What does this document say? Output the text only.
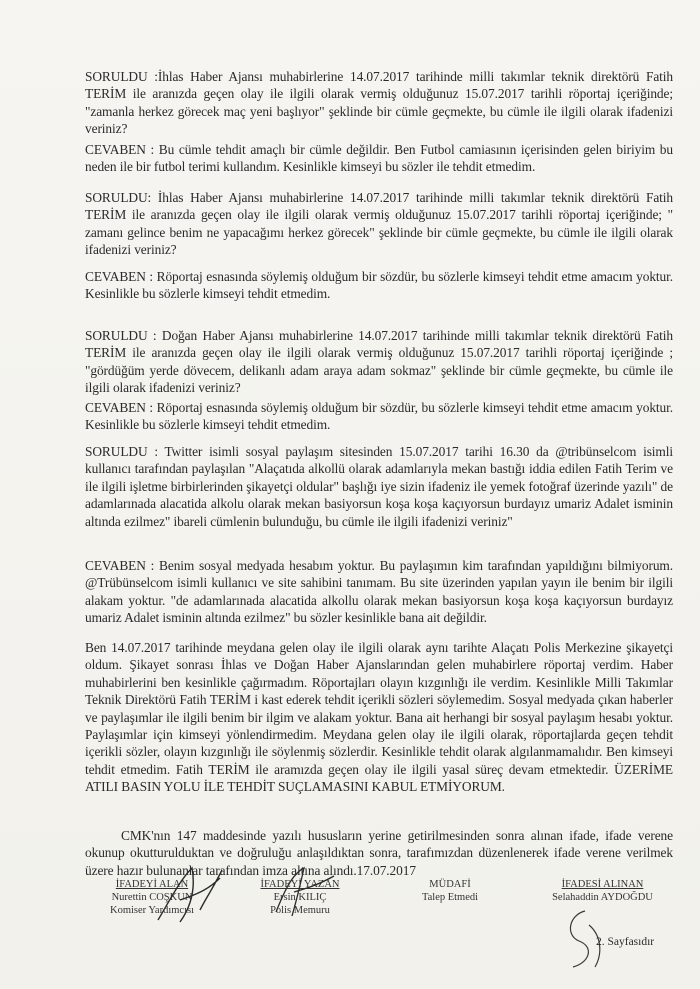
SORULDU :İhlas Haber Ajansı muhabirlerine 14.07.2017 tarihinde milli takımlar teknik direktörü Fatih TERİM ile aranızda geçen olay ile ilgili olarak vermiş olduğunuz 15.07.2017 tarihli röportaj içeriğinde; "zamanla herkez görecek maç yeni başlıyor" şeklinde bir cümle geçmekte, bu cümle ile ilgili olarak ifadenizi veriniz?
CEVABEN : Bu cümle tehdit amaçlı bir cümle değildir. Ben Futbol camiasının içerisinden gelen biriyim bu neden ile bir futbol terimi kullandım. Kesinlikle kimseyi bu sözler ile tehdit etmedim.
SORULDU: İhlas Haber Ajansı muhabirlerine 14.07.2017 tarihinde milli takımlar teknik direktörü Fatih TERİM ile aranızda geçen olay ile ilgili olarak vermiş olduğunuz 15.07.2017 tarihli röportaj içeriğinde; " zamanı gelince benim ne yapacağımı herkez görecek" şeklinde bir cümle geçmekte, bu cümle ile ilgili olarak ifadenizi veriniz?
CEVABEN : Röportaj esnasında söylemiş olduğum bir sözdür, bu sözlerle kimseyi tehdit etme amacım yoktur. Kesinlikle bu sözlerle kimseyi tehdit etmedim.
SORULDU : Doğan Haber Ajansı muhabirlerine 14.07.2017 tarihinde milli takımlar teknik direktörü Fatih TERİM ile aranızda geçen olay ile ilgili olarak vermiş olduğunuz 15.07.2017 tarihli röportaj içeriğinde ; "gördüğüm yerde dövecem, delikanlı adam araya adam sokmaz" şeklinde bir cümle geçmekte, bu cümle ile ilgili olarak ifadenizi veriniz?
CEVABEN : Röportaj esnasında söylemiş olduğum bir sözdür, bu sözlerle kimseyi tehdit etme amacım yoktur. Kesinlikle bu sözlerle kimseyi tehdit etmedim.
SORULDU : Twitter isimli sosyal paylaşım sitesinden 15.07.2017 tarihi 16.30 da @tribünselcom isimli kullanıcı tarafından paylaşılan "Alaçatıda alkollü olarak adamlarıyla mekan bastığı iddia edilen Fatih Terim ve ile ilgili işletme birbirlerinden şikayetçi oldular" başlığı iye sizin ifadeniz ile yemek fotoğraf üzerinde yazılı" de adamlarınada alacatida alkolu olarak mekan basiyorsun koşa koşa kaçıyorsun burdayız umariz Adalet isminin altında ezilmez" ibareli cümlenin bulunduğu, bu cümle ile ilgili ifadenizi veriniz"
CEVABEN : Benim sosyal medyada hesabım yoktur. Bu paylaşımın kim tarafından yapıldığını bilmiyorum. @Trübünselcom isimli kullanıcı ve site sahibini tanımam. Bu site üzerinden yapılan yayın ile benim bir ilgili alakam yoktur. "de adamlarınada alacatida alkollu olarak mekan basiyorsun koşa koşa kaçıyorsun burdayız umariz Adalet isminin altında ezilmez" bu sözler kesinlikle bana ait değildir.
Ben 14.07.2017 tarihinde meydana gelen olay ile ilgili olarak aynı tarihte Alaçatı Polis Merkezine şikayetçi oldum. Şikayet sonrası İhlas ve Doğan Haber Ajanslarından gelen muhabirlere röportaj verdim. Haber muhabirlerini ben kesinlikle çağırmadım. Röportajları olayın kızgınlığı ile verdim. Kesinlikle Milli Takımlar Teknik Direktörü Fatih TERİM i kast ederek tehdit içerikli sözleri söylemedim. Sosyal medyada çıkan haberler ve paylaşımlar ile ilgili benim bir ilgim ve alakam yoktur. Bana ait herhangi bir sosyal paylaşım hesabı yoktur. Paylaşımlar için kimseyi yönlendirmedim. Meydana gelen olay ile ilgili olarak, röportajlarda geçen tehdit içerikli sözler, olayın kızgınlığı ile söylenmiş sözlerdir. Kesinlikle tehdit olarak algılanmamalıdır. Ben kimseyi tehdit etmedim. Fatih TERİM ile aramızda geçen olay ile ilgili yasal süreç devam etmektedir. ÜZERİME ATILI BASIN YOLU İLE TEHDİT SUÇLAMASINI KABUL ETMİYORUM.
CMK'nın 147 maddesinde yazılı hususların yerine getirilmesinden sonra alınan ifade, ifade verene okunup okutturulduktan ve doğruluğu anlaşıldıktan sonra, tarafımızdan düzenlenerek ifade verene verilmek üzere hazır bulunanlar tarafından imza altına alındı.17.07.2017
İFADEYİ ALAN
Nurettin COŞKUN
Komiser Yardımcısı
İFADEYİ YAZAN
Ersin KILIÇ
Polis Memuru
MÜDAFİ
Talep Etmedi
İFADESİ ALINAN
Selahaddin AYDOĞDU
2. Sayfasıdır
